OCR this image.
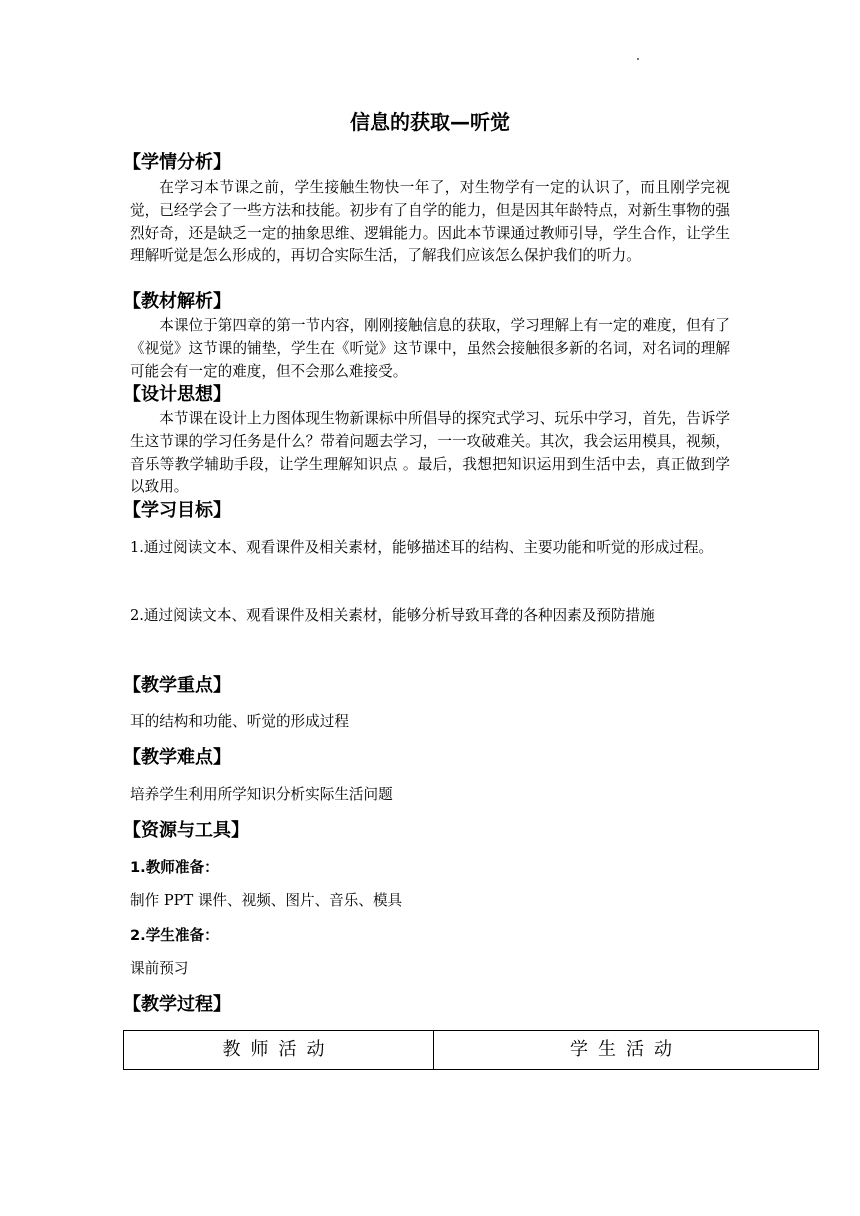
信息的获取—听觉
【学情分析】
在学习本节课之前，学生接触生物快一年了，对生物学有一定的认识了，而且刚学完视觉，已经学会了一些方法和技能。初步有了自学的能力，但是因其年龄特点，对新生事物的强烈好奇，还是缺乏一定的抽象思维、逻辑能力。因此本节课通过教师引导，学生合作，让学生理解听觉是怎么形成的，再切合实际生活，了解我们应该怎么保护我们的听力。
【教材解析】
本课位于第四章的第一节内容，刚刚接触信息的获取，学习理解上有一定的难度，但有了《视觉》这节课的铺垫，学生在《听觉》这节课中，虽然会接触很多新的名词，对名词的理解可能会有一定的难度，但不会那么难接受。
【设计思想】
本节课在设计上力图体现生物新课标中所倡导的探究式学习、玩乐中学习，首先，告诉学生这节课的学习任务是什么？带着问题去学习，一一攻破难关。其次，我会运用模具，视频，音乐等教学辅助手段，让学生理解知识点 。最后，我想把知识运用到生活中去，真正做到学以致用。
【学习目标】
1.通过阅读文本、观看课件及相关素材，能够描述耳的结构、主要功能和听觉的形成过程。
2.通过阅读文本、观看课件及相关素材，能够分析导致耳聋的各种因素及预防措施
【教学重点】
耳的结构和功能、听觉的形成过程
【教学难点】
培养学生利用所学知识分析实际生活问题
【资源与工具】
1.教师准备：
制作 PPT 课件、视频、图片、音乐、模具
2.学生准备：
课前预习
【教学过程】
教师活动	学生活动
